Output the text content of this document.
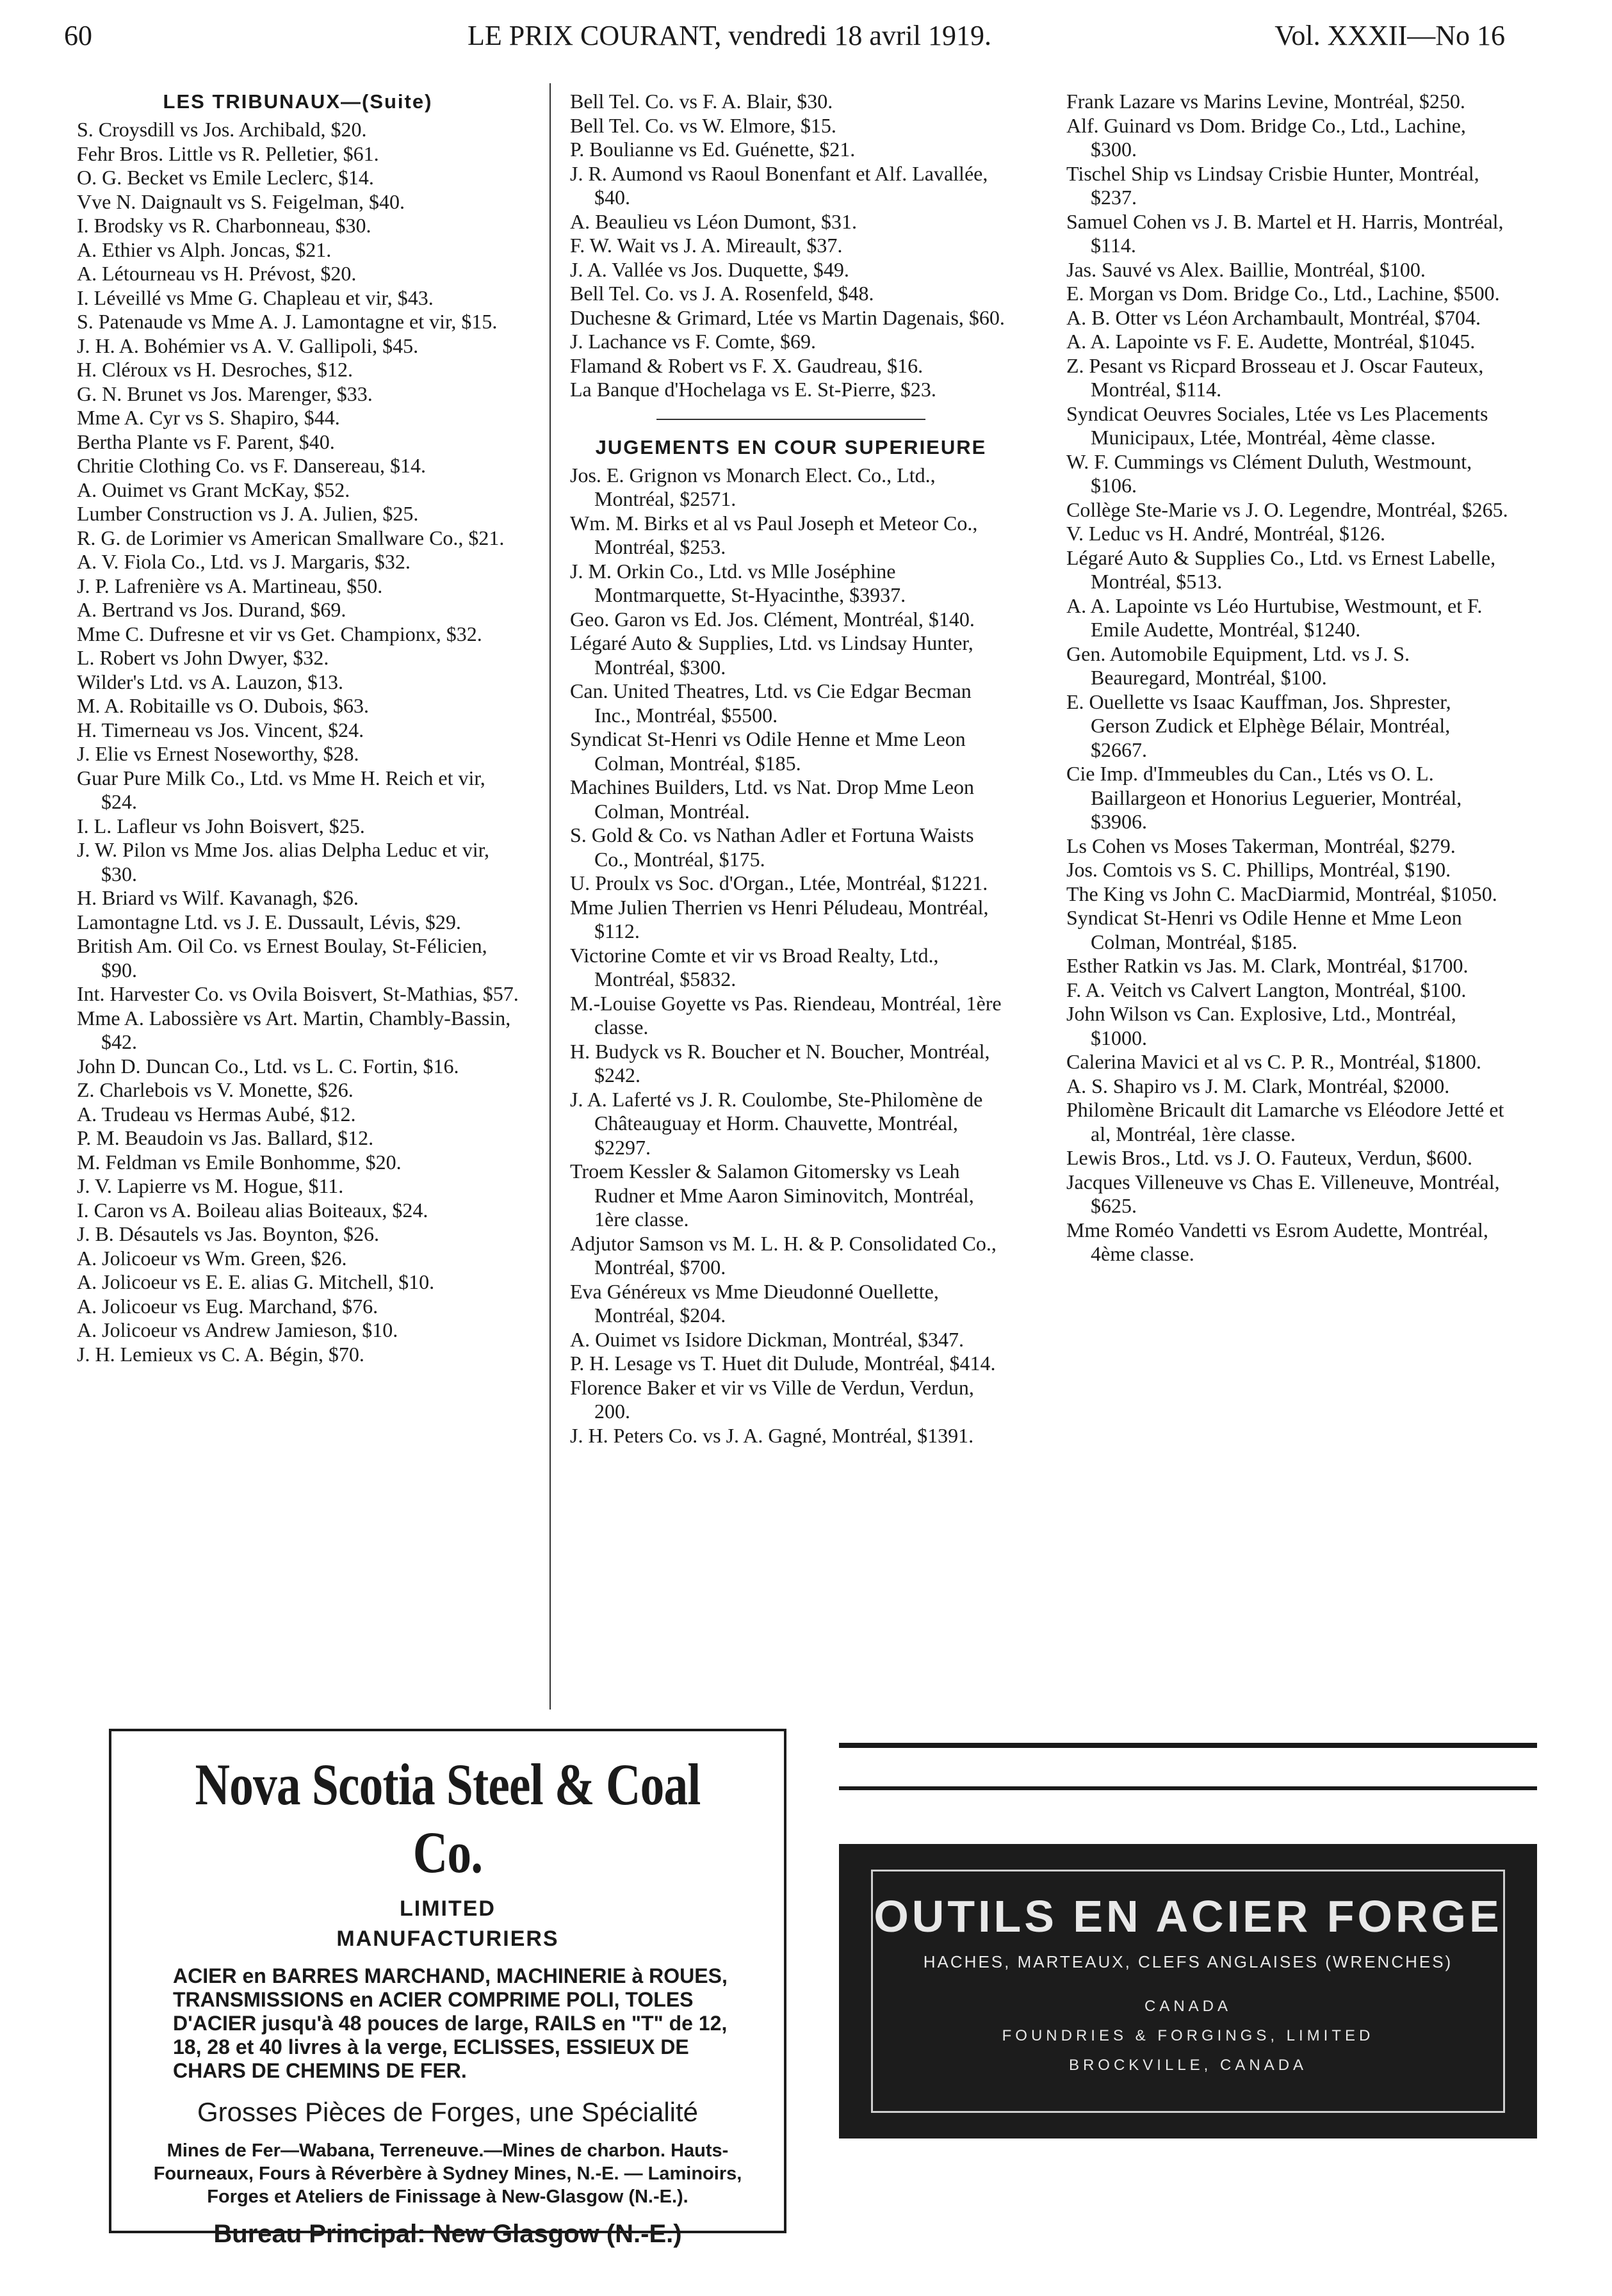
60	LE PRIX COURANT, vendredi 18 avril 1919.	Vol. XXXII—No 16
LES TRIBUNAUX—(Suite)

S. Croysdill vs Jos. Archibald, $20.

Fehr Bros. Little vs R. Pelletier, $61.

O. G. Becket vs Emile Leclerc, $14.

Vve N. Daignault vs S. Feigelman, $40.

I. Brodsky vs R. Charbonneau, $30.

A. Ethier vs Alph. Joncas, $21.

A. Létourneau vs H. Prévost, $20.

I. Léveillé vs Mme G. Chapleau et vir, $43.

S. Patenaude vs Mme A. J. Lamontagne et vir, $15.

J. H. A. Bohémier vs A. V. Gallipoli, $45.

H. Cléroux vs H. Desroches, $12.

G. N. Brunet vs Jos. Marenger, $33.

Mme A. Cyr vs S. Shapiro, $44.

Bertha Plante vs F. Parent, $40.

Chritie Clothing Co. vs F. Dansereau, $14.

A. Ouimet vs Grant McKay, $52.

Lumber Construction vs J. A. Julien, $25.

R. G. de Lorimier vs American Smallware Co., $21.

A. V. Fiola Co., Ltd. vs J. Margaris, $32.

J. P. Lafrenière vs A. Martineau, $50.

A. Bertrand vs Jos. Durand, $69.

Mme C. Dufresne et vir vs Get. Championx, $32.

L. Robert vs John Dwyer, $32.

Wilder's Ltd. vs A. Lauzon, $13.

M. A. Robitaille vs O. Dubois, $63.

H. Timerneau vs Jos. Vincent, $24.

J. Elie vs Ernest Noseworthy, $28.

Guar Pure Milk Co., Ltd. vs Mme H. Reich et vir, $24.

I. L. Lafleur vs John Boisvert, $25.

J. W. Pilon vs Mme Jos. alias Delpha Leduc et vir, $30.

H. Briard vs Wilf. Kavanagh, $26.

Lamontagne Ltd. vs J. E. Dussault, Lévis, $29.

British Am. Oil Co. vs Ernest Boulay, St-Félicien, $90.

Int. Harvester Co. vs Ovila Boisvert, St-Mathias, $57.

Mme A. Labossière vs Art. Martin, Chambly-Bassin, $42.

John D. Duncan Co., Ltd. vs L. C. Fortin, $16.

Z. Charlebois vs V. Monette, $26.

A. Trudeau vs Hermas Aubé, $12.

P. M. Beaudoin vs Jas. Ballard, $12.

M. Feldman vs Emile Bonhomme, $20.

J. V. Lapierre vs M. Hogue, $11.

I. Caron vs A. Boileau alias Boiteaux, $24.

J. B. Désautels vs Jas. Boynton, $26.

A. Jolicoeur vs Wm. Green, $26.

A. Jolicoeur vs E. E. alias G. Mitchell, $10.

A. Jolicoeur vs Eug. Marchand, $76.

A. Jolicoeur vs Andrew Jamieson, $10.

J. H. Lemieux vs C. A. Bégin, $70.

Bell Tel. Co. vs F. A. Blair, $30.

Bell Tel. Co. vs W. Elmore, $15.

P. Boulianne vs Ed. Guénette, $21.

J. R. Aumond vs Raoul Bonenfant et Alf. Lavallée, $40.

A. Beaulieu vs Léon Dumont, $31.

F. W. Wait vs J. A. Mireault, $37.

J. A. Vallée vs Jos. Duquette, $49.

Bell Tel. Co. vs J. A. Rosenfeld, $48.

Duchesne & Grimard, Ltée vs Martin Dagenais, $60.

J. Lachance vs F. Comte, $69.

Flamand & Robert vs F. X. Gaudreau, $16.

La Banque d'Hochelaga vs E. St-Pierre, $23.

JUGEMENTS EN COUR SUPERIEURE

Jos. E. Grignon vs Monarch Elect. Co., Ltd., Montréal, $2571.

Wm. M. Birks et al vs Paul Joseph et Meteor Co., Montréal, $253.

J. M. Orkin Co., Ltd. vs Mlle Joséphine Montmarquette, St-Hyacinthe, $3937.

Geo. Garon vs Ed. Jos. Clément, Montréal, $140.

Légaré Auto & Supplies, Ltd. vs Lindsay Hunter, Montréal, $300.

Can. United Theatres, Ltd. vs Cie Edgar Becman Inc., Montréal, $5500.

Syndicat St-Henri vs Odile Henne et Mme Leon Colman, Montréal, $185.

Machines Builders, Ltd. vs Nat. Drop Mme Leon Colman, Montréal.

S. Gold & Co. vs Nathan Adler et Fortuna Waists Co., Montréal, $175.

U. Proulx vs Soc. d'Organ., Ltée, Montréal, $1221.

Mme Julien Therrien vs Henri Péludeau, Montréal, $112.

Victorine Comte et vir vs Broad Realty, Ltd., Montréal, $5832.

M.-Louise Goyette vs Pas. Riendeau, Montréal, 1ère classe.

H. Budyck vs R. Boucher et N. Boucher, Montréal, $242.

J. A. Laferté vs J. R. Coulombe, Ste-Philomène de Châteauguay et Horm. Chauvette, Montréal, $2297.

Troem Kessler & Salamon Gitomersky vs Leah Rudner et Mme Aaron Siminovitch, Montréal, 1ère classe.

Adjutor Samson vs M. L. H. & P. Consolidated Co., Montréal, $700.

Eva Généreux vs Mme Dieudonné Ouellette, Montréal, $204.

A. Ouimet vs Isidore Dickman, Montréal, $347.

P. H. Lesage vs T. Huet dit Dulude, Montréal, $414.

Florence Baker et vir vs Ville de Verdun, Verdun, 200.

J. H. Peters Co. vs J. A. Gagné, Montréal, $1391.

Frank Lazare vs Marins Levine, Montréal, $250.

Alf. Guinard vs Dom. Bridge Co., Ltd., Lachine, $300.

Tischel Ship vs Lindsay Crisbie Hunter, Montréal, $237.

Samuel Cohen vs J. B. Martel et H. Harris, Montréal, $114.

Jas. Sauvé vs Alex. Baillie, Montréal, $100.

E. Morgan vs Dom. Bridge Co., Ltd., Lachine, $500.

A. B. Otter vs Léon Archambault, Montréal, $704.

A. A. Lapointe vs F. E. Audette, Montréal, $1045.

Z. Pesant vs Ricpard Brosseau et J. Oscar Fauteux, Montréal, $114.

Syndicat Oeuvres Sociales, Ltée vs Les Placements Municipaux, Ltée, Montréal, 4ème classe.

W. F. Cummings vs Clément Duluth, Westmount, $106.

Collège Ste-Marie vs J. O. Legendre, Montréal, $265.

V. Leduc vs H. André, Montréal, $126.

Légaré Auto & Supplies Co., Ltd. vs Ernest Labelle, Montréal, $513.

A. A. Lapointe vs Léo Hurtubise, Westmount, et F. Emile Audette, Montréal, $1240.

Gen. Automobile Equipment, Ltd. vs J. S. Beauregard, Montréal, $100.

E. Ouellette vs Isaac Kauffman, Jos. Shprester, Gerson Zudick et Elphège Bélair, Montréal, $2667.

Cie Imp. d'Immeubles du Can., Ltés vs O. L. Baillargeon et Honorius Leguerier, Montréal, $3906.

Ls Cohen vs Moses Takerman, Montréal, $279.

Jos. Comtois vs S. C. Phillips, Montréal, $190.

The King vs John C. MacDiarmid, Montréal, $1050.

Syndicat St-Henri vs Odile Henne et Mme Leon Colman, Montréal, $185.

Esther Ratkin vs Jas. M. Clark, Montréal, $1700.

F. A. Veitch vs Calvert Langton, Montréal, $100.

John Wilson vs Can. Explosive, Ltd., Montréal, $1000.

Calerina Mavici et al vs C. P. R., Montréal, $1800.

A. S. Shapiro vs J. M. Clark, Montréal, $2000.

Philomène Bricault dit Lamarche vs Eléodore Jetté et al, Montréal, 1ère classe.

Lewis Bros., Ltd. vs J. O. Fauteux, Verdun, $600.

Jacques Villeneuve vs Chas E. Villeneuve, Montréal, $625.

Mme Roméo Vandetti vs Esrom Audette, Montréal, 4ème classe.

Nova Scotia Steel & Coal Co.
LIMITED
MANUFACTURIERS
ACIER en BARRES MARCHAND, MACHINERIE à ROUES, TRANSMISSIONS en ACIER COMPRIME POLI, TOLES D'ACIER jusqu'à 48 pouces de large, RAILS en "T" de 12, 18, 28 et 40 livres à la verge, ECLISSES, ESSIEUX DE CHARS DE CHEMINS DE FER.
Grosses Pièces de Forges, une Spécialité
Mines de Fer—Wabana, Terreneuve.—Mines de charbon. Hauts-Fourneaux, Fours à Réverbère à Sydney Mines, N.-E. — Laminoirs, Forges et Ateliers de Finissage à New-Glasgow (N.-E.).
Bureau Principal: New Glasgow (N.-E.)
OUTILS EN ACIER FORGE
HACHES, MARTEAUX, CLEFS ANGLAISES (WRENCHES)
CANADA
FOUNDRIES & FORGINGS, LIMITED
BROCKVILLE, CANADA
